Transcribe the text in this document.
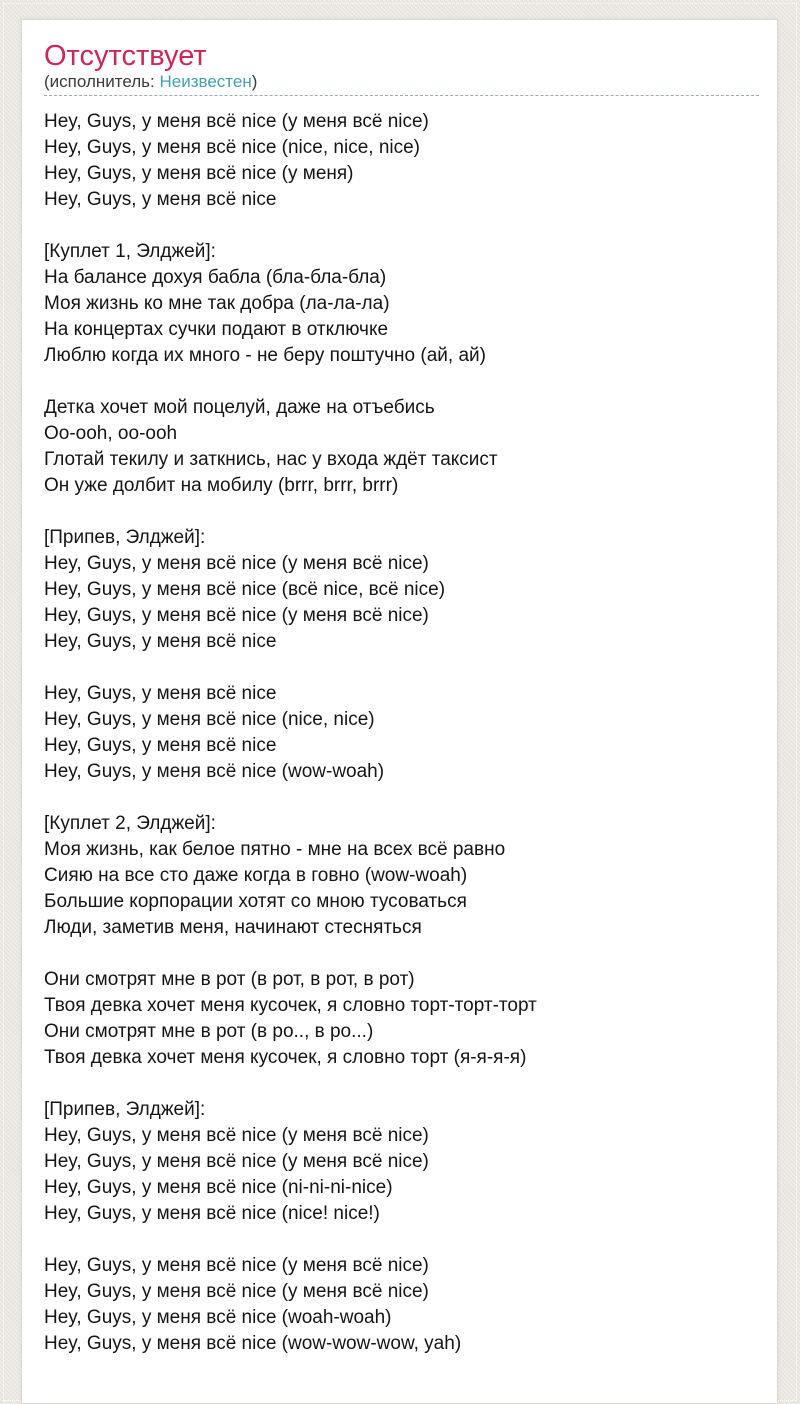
Отсутствует

(исполнитель: Неизвестен)

Hey, Guys, у меня всё nice (у меня всё nice)
Hey, Guys, у меня всё nice (nice, nice, nice)
Hey, Guys, у меня всё nice (у меня)
Hey, Guys, у меня всё nice

[Куплет 1, Элджей]:
На балансе дохуя бабла (бла-бла-бла)
Моя жизнь ко мне так добра (ла-ла-ла)
На концертах сучки подают в отключке
Люблю когда их много - не беру поштучно (ай, ай)

Детка хочет мой поцелуй, даже на отъебись
Oo-ooh, oo-ooh
Глотай текилу и заткнись, нас у входа ждёт таксист
Он уже долбит на мобилу (brrr, brrr, brrr)

[Припев, Элджей]:
Hey, Guys, у меня всё nice (у меня всё nice)
Hey, Guys, у меня всё nice (всё nice, всё nice)
Hey, Guys, у меня всё nice (у меня всё nice)
Hey, Guys, у меня всё nice

Hey, Guys, у меня всё nice
Hey, Guys, у меня всё nice (nice, nice)
Hey, Guys, у меня всё nice
Hey, Guys, у меня всё nice (wow-woah)

[Куплет 2, Элджей]:
Моя жизнь, как белое пятно - мне на всех всё равно
Сияю на все сто даже когда в говно (wow-woah)
Большие корпорации хотят со мною тусоваться
Люди, заметив меня, начинают стесняться

Они смотрят мне в рот (в рот, в рот, в рот)
Твоя девка хочет меня кусочек, я словно торт-торт-торт
Они смотрят мне в рот (в ро.., в ро...)
Твоя девка хочет меня кусочек, я словно торт (я-я-я-я)

[Припев, Элджей]:
Hey, Guys, у меня всё nice (у меня всё nice)
Hey, Guys, у меня всё nice (у меня всё nice)
Hey, Guys, у меня всё nice (ni-ni-ni-nice)
Hey, Guys, у меня всё nice (nice! nice!)

Hey, Guys, у меня всё nice (у меня всё nice)
Hey, Guys, у меня всё nice (у меня всё nice)
Hey, Guys, у меня всё nice (woah-woah)
Hey, Guys, у меня всё nice (wow-wow-wow, yah)
